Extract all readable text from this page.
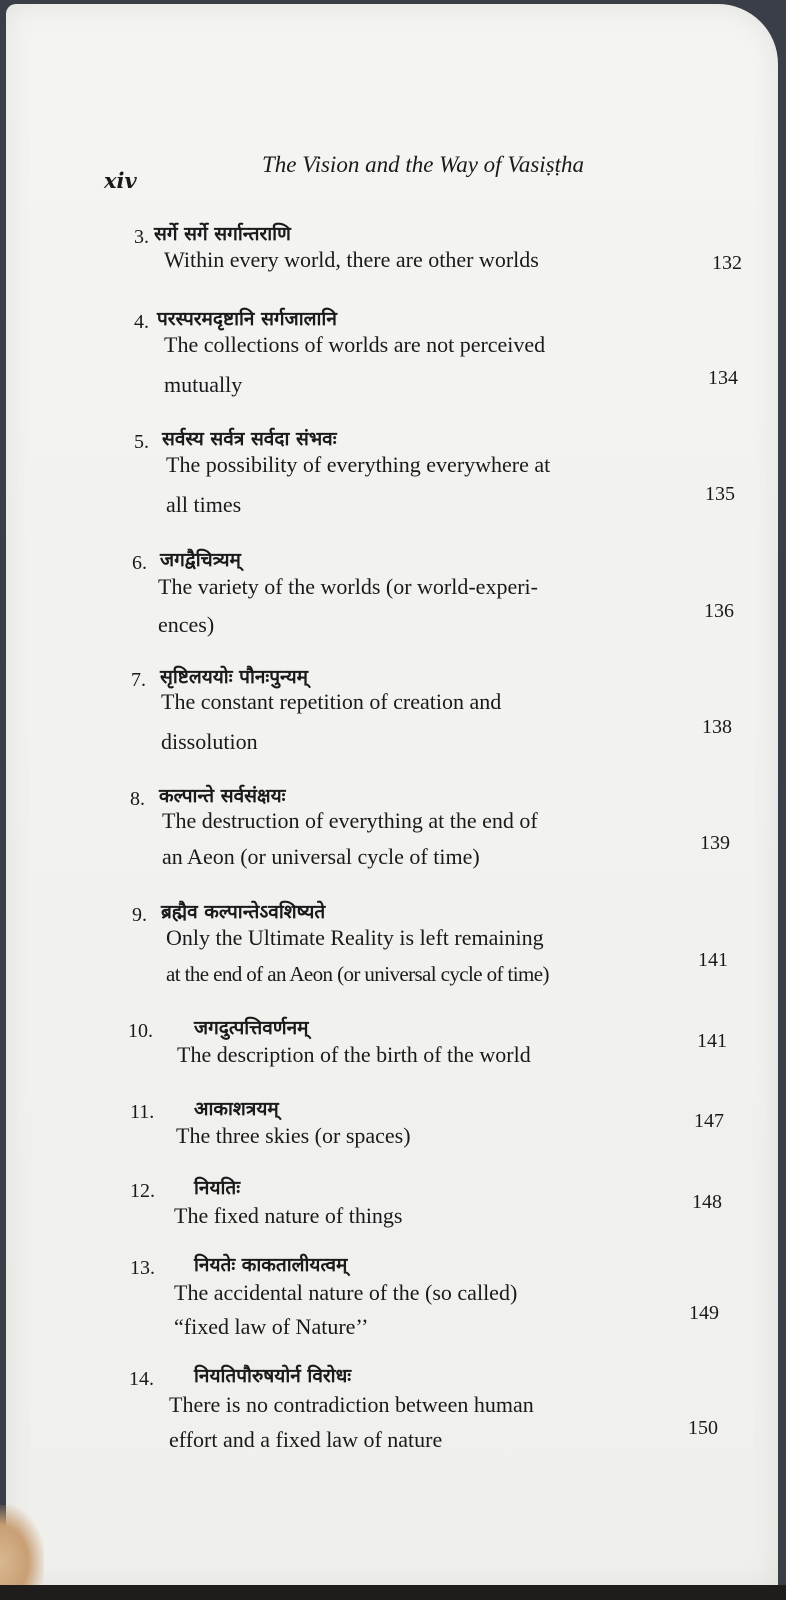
xiv
The Vision and the Way of Vasiṣṭha
3. सर्गे सर्गे सर्गान्तराणि
Within every world, there are other worlds	132
4. परस्परमदृष्टानि सर्गजालानि
The collections of worlds are not perceived
mutually	134
5. सर्वस्य सर्वत्र सर्वदा संभवः
The possibility of everything everywhere at
all times	135
6. जगद्वैचित्र्यम्
The variety of the worlds (or world-experi-
ences)
136
7. सृष्टिलययोः पौनःपुन्यम्
The constant repetition of creation and
dissolution
138
8. कल्पान्ते सर्वसंक्षयः
The destruction of everything at the end of
an Aeon (or universal cycle of time)
139
9. ब्रह्मैव कल्पान्तेऽवशिष्यते
Only the Ultimate Reality is left remaining
at the end of an Aeon (or universal cycle of time)
141
10. जगदुत्पत्तिवर्णनम्
The description of the birth of the world
141
11. आकाशत्रयम्
The three skies (or spaces)
147
12. नियतिः
The fixed nature of things
148
13. नियतेः काकतालीयत्वम्
The accidental nature of the (so called)
“fixed law of Nature’’
149
14. नियतिपौरुषयोर्न विरोधः
There is no contradiction between human
effort and a fixed law of nature	150
